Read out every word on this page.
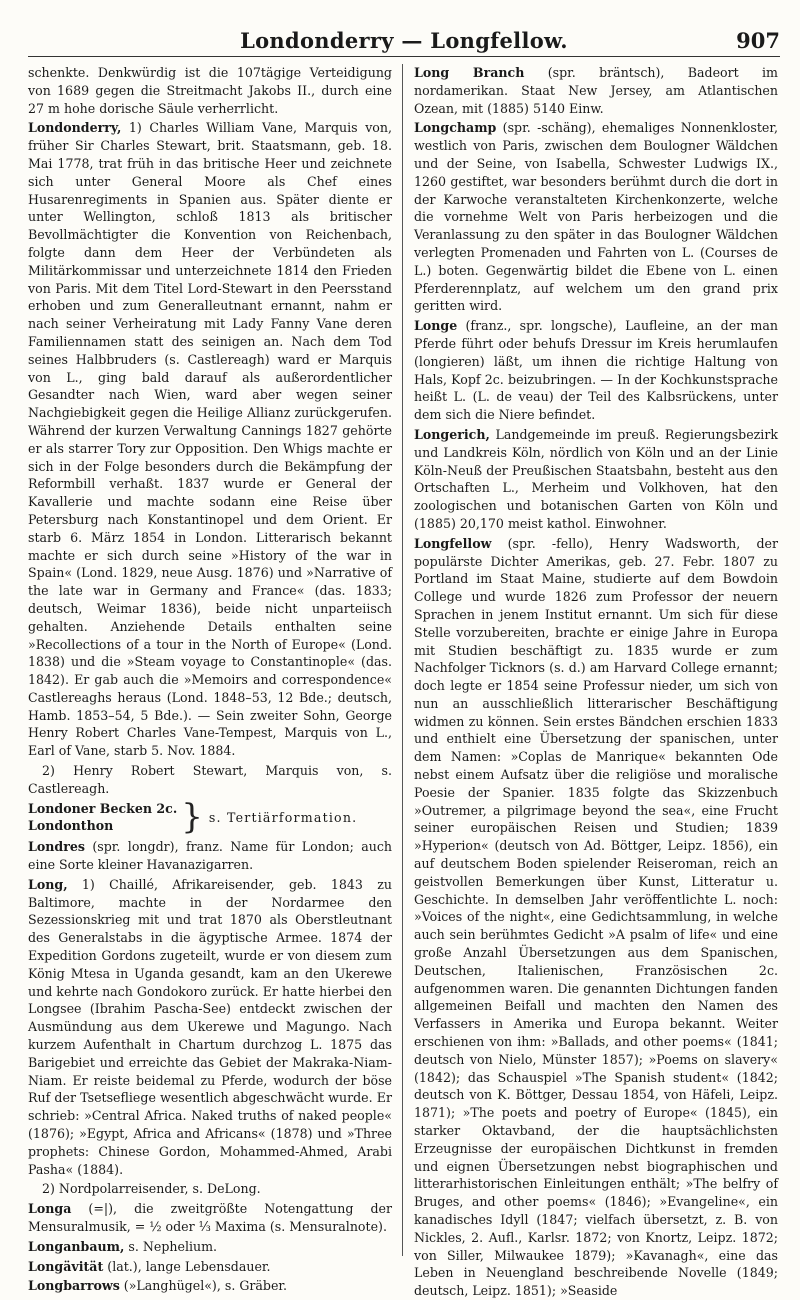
Londonderry — Longfellow.	907

schenkte. Denkwürdig ist die 107tägige Verteidigung von 1689 gegen die Streitmacht Jakobs II., durch eine 27 m hohe dorische Säule verherrlicht.

Londonderry, 1) Charles William Vane, Marquis von, früher Sir Charles Stewart, brit. Staatsmann, geb. 18. Mai 1778, trat früh in das britische Heer und zeichnete sich unter General Moore als Chef eines Husarenregiments in Spanien aus. Später diente er unter Wellington, schloß 1813 als britischer Bevollmächtigter die Konvention von Reichenbach, folgte dann dem Heer der Verbündeten als Militärkommissar und unterzeichnete 1814 den Frieden von Paris. Mit dem Titel Lord-Stewart in den Peersstand erhoben und zum Generalleutnant ernannt, nahm er nach seiner Verheiratung mit Lady Fanny Vane deren Familiennamen statt des seinigen an. Nach dem Tod seines Halbbruders (s. Castlereagh) ward er Marquis von L., ging bald darauf als außerordentlicher Gesandter nach Wien, ward aber wegen seiner Nachgiebigkeit gegen die Heilige Allianz zurückgerufen. Während der kurzen Verwaltung Cannings 1827 gehörte er als starrer Tory zur Opposition. Den Whigs machte er sich in der Folge besonders durch die Bekämpfung der Reformbill verhaßt. 1837 wurde er General der Kavallerie und machte sodann eine Reise über Petersburg nach Konstantinopel und dem Orient. Er starb 6. März 1854 in London. Litterarisch bekannt machte er sich durch seine »History of the war in Spain« (Lond. 1829, neue Ausg. 1876) und »Narrative of the late war in Germany and France« (das. 1833; deutsch, Weimar 1836), beide nicht unparteiisch gehalten. Anziehende Details enthalten seine »Recollections of a tour in the North of Europe« (Lond. 1838) und die »Steam voyage to Constantinople« (das. 1842). Er gab auch die »Memoirs and correspondence« Castlereaghs heraus (Lond. 1848–53, 12 Bde.; deutsch, Hamb. 1853–54, 5 Bde.). — Sein zweiter Sohn, George Henry Robert Charles Vane-Tempest, Marquis von L., Earl of Vane, starb 5. Nov. 1884.

2) Henry Robert Stewart, Marquis von, s. Castlereagh.

Londoner Becken 2c.
Londonthon	} s. Tertiärformation.

Londres (spr. longdr), franz. Name für London; auch eine Sorte kleiner Havanazigarren.

Long, 1) Chaillé, Afrikareisender, geb. 1843 zu Baltimore, machte in der Nordarmee den Sezessionskrieg mit und trat 1870 als Oberstleutnant des Generalstabs in die ägyptische Armee. 1874 der Expedition Gordons zugeteilt, wurde er von diesem zum König Mtesa in Uganda gesandt, kam an den Ukerewe und kehrte nach Gondokoro zurück. Er hatte hierbei den Longsee (Ibrahim Pascha-See) entdeckt zwischen der Ausmündung aus dem Ukerewe und Magungo. Nach kurzem Aufenthalt in Chartum durchzog L. 1875 das Barigebiet und erreichte das Gebiet der Makraka-Niam-Niam. Er reiste beidemal zu Pferde, wodurch der böse Ruf der Tsetsefliege wesentlich abgeschwächt wurde. Er schrieb: »Central Africa. Naked truths of naked people« (1876); »Egypt, Africa and Africans« (1878) und »Three prophets: Chinese Gordon, Mohammed-Ahmed, Arabi Pasha« (1884).

2) Nordpolarreisender, s. DeLong.

Longa (=|), die zweitgrößte Notengattung der Mensuralmusik, = ½ oder ⅓ Maxima (s. Mensuralnote).

Longanbaum, s. Nephelium.

Longävität (lat.), lange Lebensdauer.

Longbarrows (»Langhügel«), s. Gräber.

Long Branch (spr. bräntsch), Badeort im nordamerikan. Staat New Jersey, am Atlantischen Ozean, mit (1885) 5140 Einw.

Longchamp (spr. -schäng), ehemaliges Nonnenkloster, westlich von Paris, zwischen dem Boulogner Wäldchen und der Seine, von Isabella, Schwester Ludwigs IX., 1260 gestiftet, war besonders berühmt durch die dort in der Karwoche veranstalteten Kirchenkonzerte, welche die vornehme Welt von Paris herbeizogen und die Veranlassung zu den später in das Boulogner Wäldchen verlegten Promenaden und Fahrten von L. (Courses de L.) boten. Gegenwärtig bildet die Ebene von L. einen Pferderennplatz, auf welchem um den grand prix geritten wird.

Longe (franz., spr. longsche), Laufleine, an der man Pferde führt oder behufs Dressur im Kreis herumlaufen (longieren) läßt, um ihnen die richtige Haltung von Hals, Kopf 2c. beizubringen. — In der Kochkunstsprache heißt L. (L. de veau) der Teil des Kalbsrückens, unter dem sich die Niere befindet.

Longerich, Landgemeinde im preuß. Regierungsbezirk und Landkreis Köln, nördlich von Köln und an der Linie Köln-Neuß der Preußischen Staatsbahn, besteht aus den Ortschaften L., Merheim und Volkhoven, hat den zoologischen und botanischen Garten von Köln und (1885) 20,170 meist kathol. Einwohner.

Longfellow (spr. -fello), Henry Wadsworth, der populärste Dichter Amerikas, geb. 27. Febr. 1807 zu Portland im Staat Maine, studierte auf dem Bowdoin College und wurde 1826 zum Professor der neuern Sprachen in jenem Institut ernannt. Um sich für diese Stelle vorzubereiten, brachte er einige Jahre in Europa mit Studien beschäftigt zu. 1835 wurde er zum Nachfolger Ticknors (s. d.) am Harvard College ernannt; doch legte er 1854 seine Professur nieder, um sich von nun an ausschließlich litterarischer Beschäftigung widmen zu können. Sein erstes Bändchen erschien 1833 und enthielt eine Übersetzung der spanischen, unter dem Namen: »Coplas de Manrique« bekannten Ode nebst einem Aufsatz über die religiöse und moralische Poesie der Spanier. 1835 folgte das Skizzenbuch »Outremer, a pilgrimage beyond the sea«, eine Frucht seiner europäischen Reisen und Studien; 1839 »Hyperion« (deutsch von Ad. Böttger, Leipz. 1856), ein auf deutschem Boden spielender Reiseroman, reich an geistvollen Bemerkungen über Kunst, Litteratur u. Geschichte. In demselben Jahr veröffentlichte L. noch: »Voices of the night«, eine Gedichtsammlung, in welche auch sein berühmtes Gedicht »A psalm of life« und eine große Anzahl Übersetzungen aus dem Spanischen, Deutschen, Italienischen, Französischen 2c. aufgenommen waren. Die genannten Dichtungen fanden allgemeinen Beifall und machten den Namen des Verfassers in Amerika und Europa bekannt. Weiter erschienen von ihm: »Ballads, and other poems« (1841; deutsch von Nielo, Münster 1857); »Poems on slavery« (1842); das Schauspiel »The Spanish student« (1842; deutsch von K. Böttger, Dessau 1854, von Häfeli, Leipz. 1871); »The poets and poetry of Europe« (1845), ein starker Oktavband, der die hauptsächlichsten Erzeugnisse der europäischen Dichtkunst in fremden und eignen Übersetzungen nebst biographischen und litterarhistorischen Einleitungen enthält; »The belfry of Bruges, and other poems« (1846); »Evangeline«, ein kanadisches Idyll (1847; vielfach übersetzt, z. B. von Nickles, 2. Aufl., Karlsr. 1872; von Knortz, Leipz. 1872; von Siller, Milwaukee 1879); »Kavanagh«, eine das Leben in Neuengland beschreibende Novelle (1849; deutsch, Leipz. 1851); »Seaside
